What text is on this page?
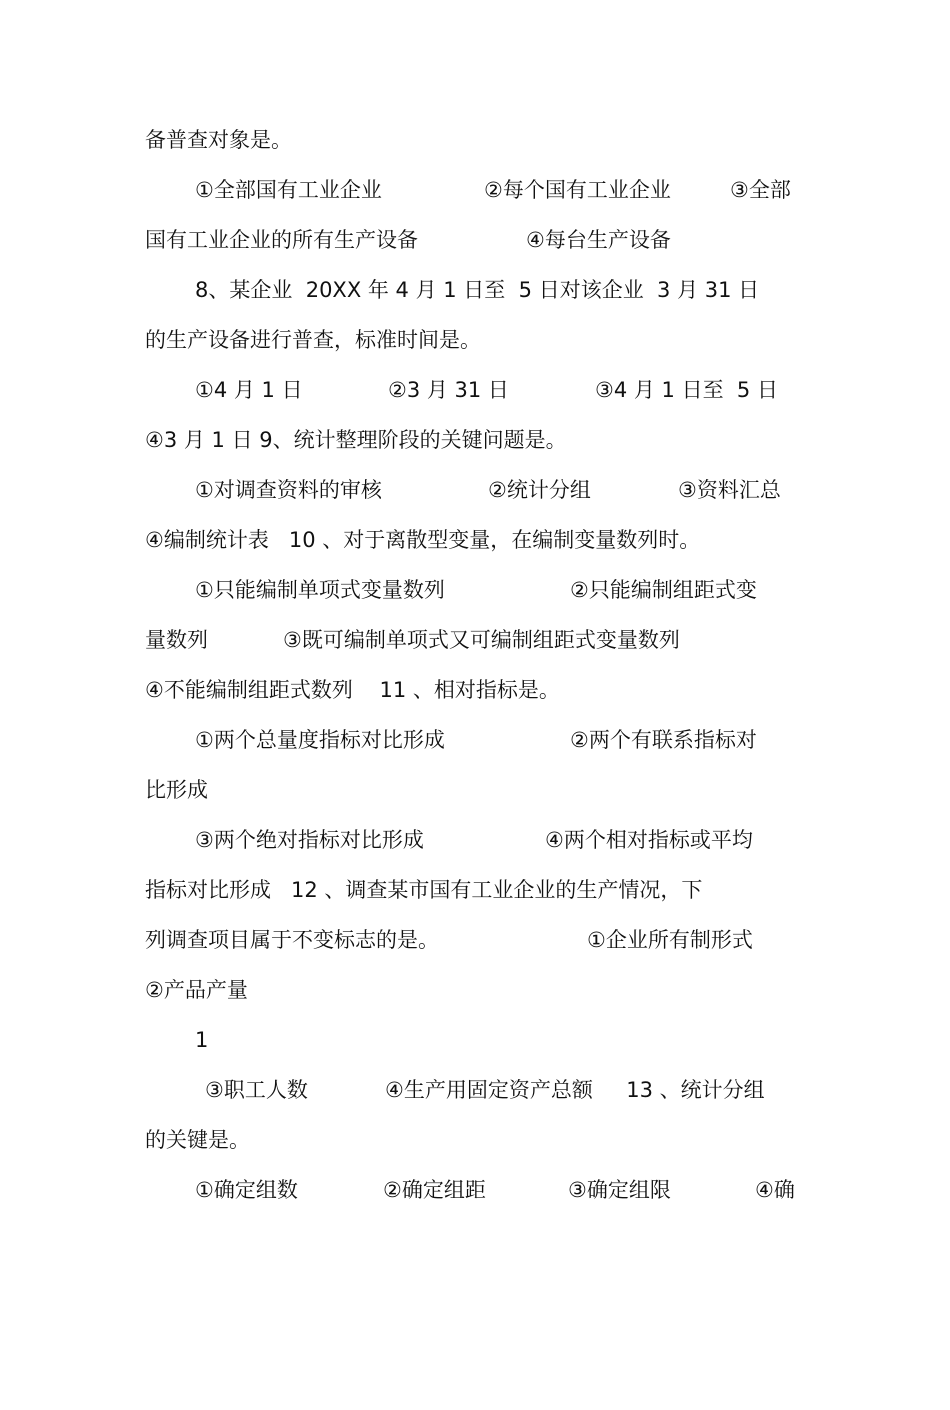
备普查对象是。

①全部国有工业企业

	②每个国有工业企业

	③全部

国有工业企业的所有生产设备

	④每台生产设备

8、某企业  20XX 年 4 月 1 日至  5 日对该企业  3 月 31 日

的生产设备进行普查，标准时间是。

①4 月 1 日

	②3 月 31 日

	③4 月 1 日至  5 日

④3 月 1 日 9、统计整理阶段的关键问题是。

①对调查资料的审核

	②统计分组

	③资料汇总

④编制统计表   10 、对于离散型变量，在编制变量数列时。

①只能编制单项式变量数列

	②只能编制组距式变

量数列

	③既可编制单项式又可编制组距式变量数列

④不能编制组距式数列    11 、相对指标是。

①两个总量度指标对比形成

	②两个有联系指标对

比形成

③两个绝对指标对比形成

	④两个相对指标或平均

指标对比形成   12 、调查某市国有工业企业的生产情况，下

列调查项目属于不变标志的是。

	①企业所有制形式

②产品产量

1

③职工人数

	④生产用固定资产总额     13 、统计分组

的关键是。

①确定组数

	②确定组距

	③确定组限

	④确
